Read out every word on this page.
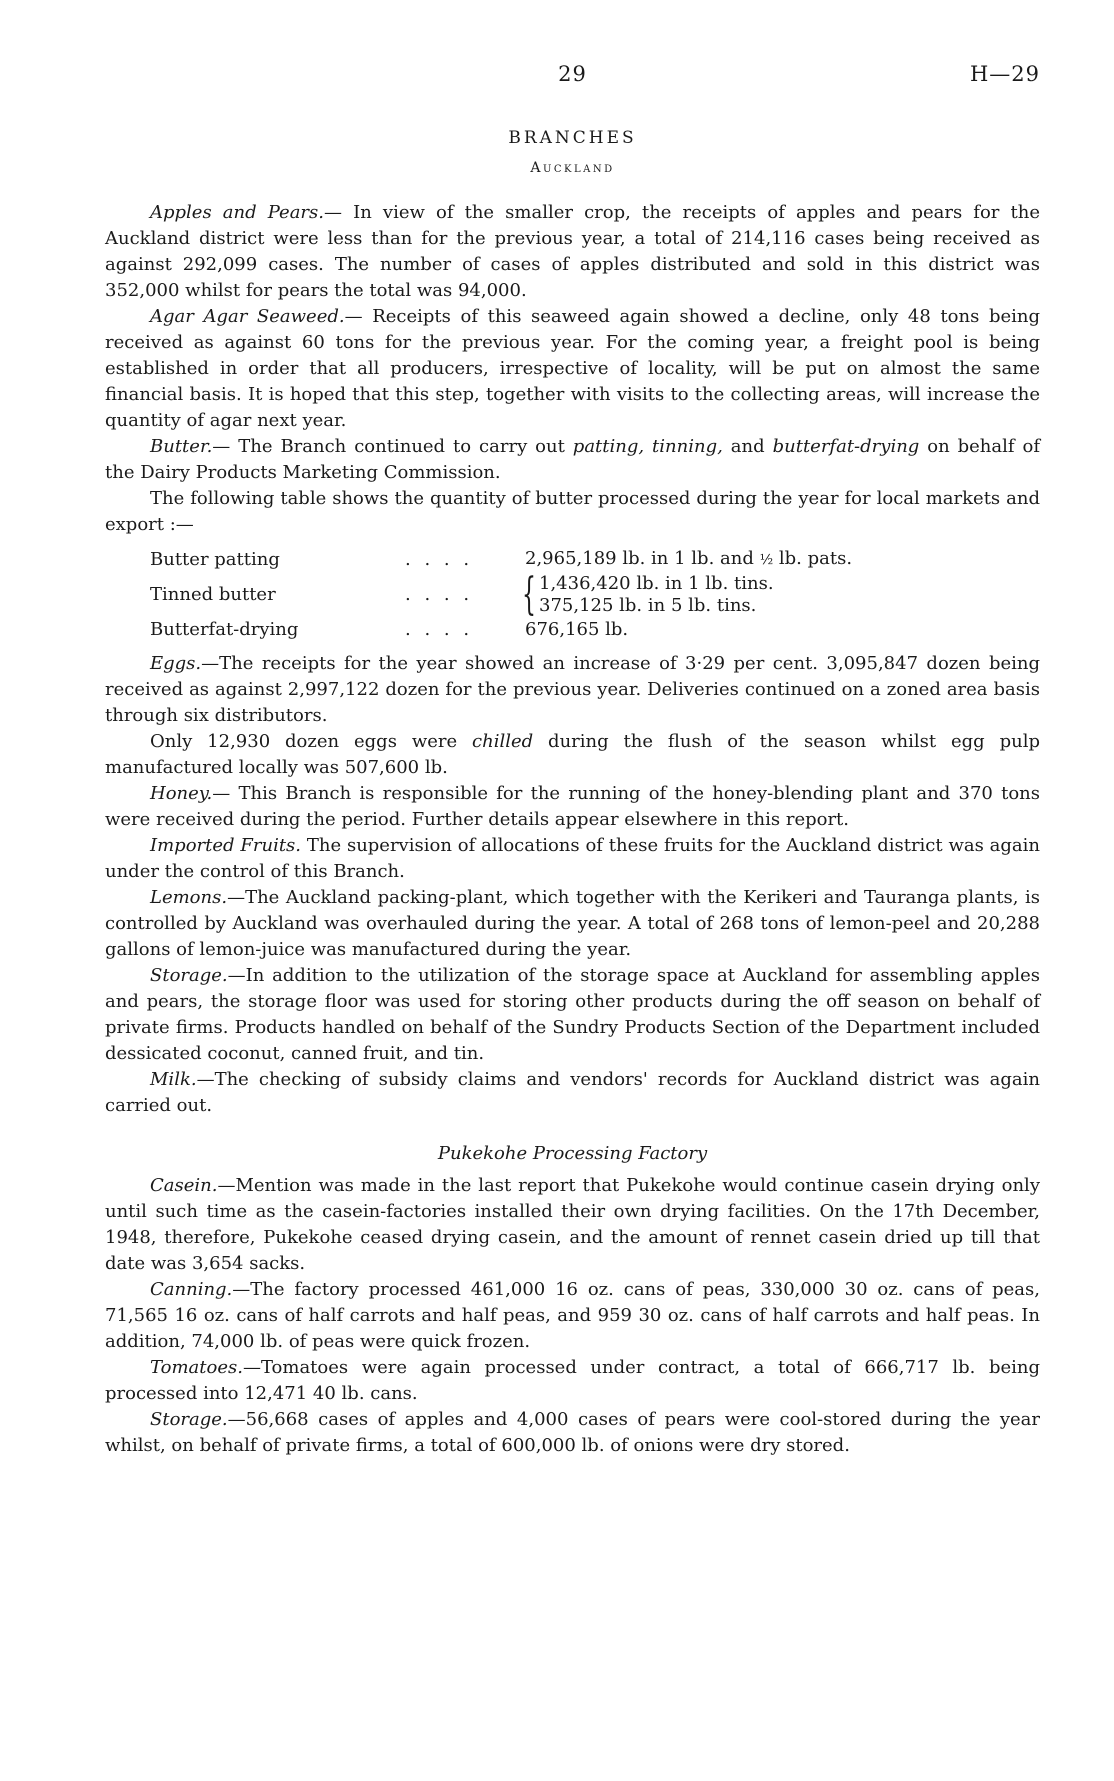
29	H—29
BRANCHES
Auckland

Apples and Pears.— In view of the smaller crop, the receipts of apples and pears for the Auckland district were less than for the previous year, a total of 214,116 cases being received as against 292,099 cases. The number of cases of apples distributed and sold in this district was 352,000 whilst for pears the total was 94,000.

Agar Agar Seaweed.— Receipts of this seaweed again showed a decline, only 48 tons being received as against 60 tons for the previous year. For the coming year, a freight pool is being established in order that all producers, irrespective of locality, will be put on almost the same financial basis. It is hoped that this step, together with visits to the collecting areas, will increase the quantity of agar next year.

Butter.— The Branch continued to carry out patting, tinning, and butterfat-drying on behalf of the Dairy Products Marketing Commission.

The following table shows the quantity of butter processed during the year for local markets and export :—

Butter patting	. . . .	2,965,189 lb. in 1 lb. and ½ lb. pats.
Tinned butter	. . . .	{ 1,436,420 lb. in 1 lb. tins.
375,125 lb. in 5 lb. tins.
Butterfat-drying	. . . .	676,165 lb.

Eggs.—The receipts for the year showed an increase of 3·29 per cent. 3,095,847 dozen being received as against 2,997,122 dozen for the previous year. Deliveries continued on a zoned area basis through six distributors.

Only 12,930 dozen eggs were chilled during the flush of the season whilst egg pulp manufactured locally was 507,600 lb.

Honey.— This Branch is responsible for the running of the honey-blending plant and 370 tons were received during the period. Further details appear elsewhere in this report.

Imported Fruits. The supervision of allocations of these fruits for the Auckland district was again under the control of this Branch.

Lemons.—The Auckland packing-plant, which together with the Kerikeri and Tauranga plants, is controlled by Auckland was overhauled during the year. A total of 268 tons of lemon-peel and 20,288 gallons of lemon-juice was manufactured during the year.

Storage.—In addition to the utilization of the storage space at Auckland for assembling apples and pears, the storage floor was used for storing other products during the off season on behalf of private firms. Products handled on behalf of the Sundry Products Section of the Department included dessicated coconut, canned fruit, and tin.

Milk.—The checking of subsidy claims and vendors' records for Auckland district was again carried out.

Pukekohe Processing Factory

Casein.—Mention was made in the last report that Pukekohe would continue casein drying only until such time as the casein-factories installed their own drying facilities. On the 17th December, 1948, therefore, Pukekohe ceased drying casein, and the amount of rennet casein dried up till that date was 3,654 sacks.

Canning.—The factory processed 461,000 16 oz. cans of peas, 330,000 30 oz. cans of peas, 71,565 16 oz. cans of half carrots and half peas, and 959 30 oz. cans of half carrots and half peas. In addition, 74,000 lb. of peas were quick frozen.

Tomatoes.—Tomatoes were again processed under contract, a total of 666,717 lb. being processed into 12,471 40 lb. cans.

Storage.—56,668 cases of apples and 4,000 cases of pears were cool-stored during the year whilst, on behalf of private firms, a total of 600,000 lb. of onions were dry stored.
